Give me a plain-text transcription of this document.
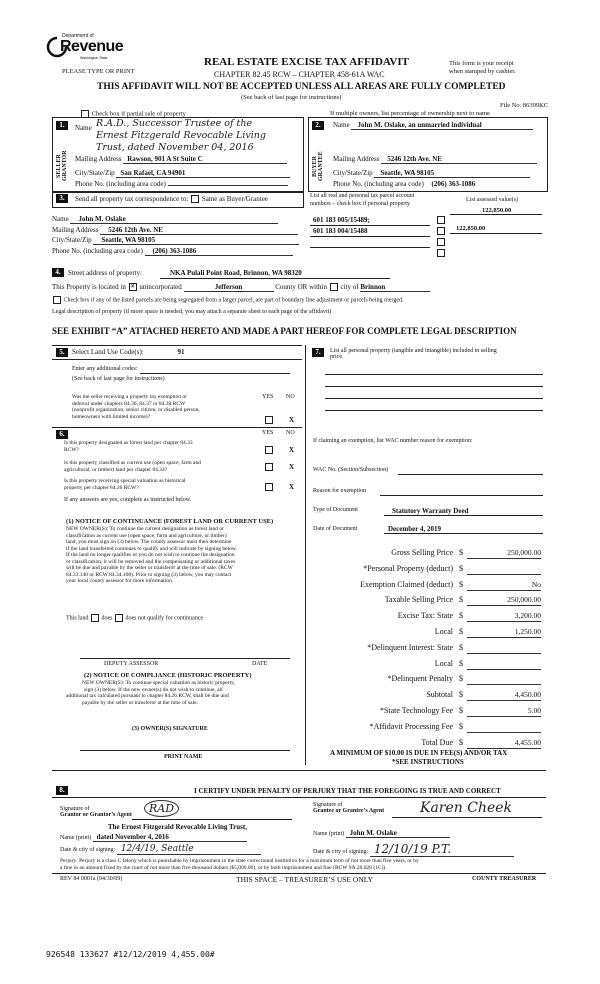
Department of
Revenue
Washington State
PLEASE TYPE OR PRINT
REAL ESTATE EXCISE TAX AFFIDAVIT
CHAPTER 82.45 RCW – CHAPTER 458-61A WAC
This form is your receipt
when stamped by cashier.
THIS AFFIDAVIT WILL NOT BE ACCEPTED UNLESS ALL AREAS ARE FULLY COMPLETED
(See back of last page for instructions)
File No. 86399KC
Check box if partial sale of property
1.
SELLER GRANTOR
Name R.A.D., Successor Trustee of the
Ernest Fitzgerald Revocable Living
Trust, dated November 04, 2016
Mailing Address Rawson, 901 A St Suite C
City/State/Zip San Rafael, CA 94901
Phone No. (including area code)
If multiple owners, list percentage of ownership next to name
2.
BUYER GRANTEE
Name John M. Oslake, an unmarried individual
Mailing Address 5246 12th Ave. NE
City/State/Zip Seattle, WA 98105
Phone No. (including area code) (206) 363-1086
3.	Send all property tax correspondence to: Same as Buyer/Grantee	List all real and personal tax parcel account
numbers – check box if personal property
List assessed value(s)
Name John M. Oslake
Mailing Address 5246 12th Ave. NE
City/State/Zip Seattle, WA 98105
Phone No. (including area code) (206) 363-1086
601 183 005/15489;
601 183 004/15488
122,850.00
122,850.00
4.	Street address of property:	NKA Pulali Point Road, Brinnon, WA 98320
This Property is located in ✕ unincorporated	Jefferson	County OR within city of Brinnon
Check box if any of the listed parcels are being segregated from a larger parcel, are part of boundary line adjustment or parcels being merged.
Legal description of property (if more space is needed, you may attach a separate sheet to each page of the affidavit)
SEE EXHIBIT “A” ATTACHED HERETO AND MADE A PART HEREOF FOR COMPLETE LEGAL DESCRIPTION
5.	Select Land Use Code(s):	91
Enter any additional codes:
(See back of last page for instructions)
YES NO
Was the seller receiving a property tax exemption or
deferral under chapters 84.36, 84.37 or 84.38 RCW
(nonprofit organization, senior citizen, or disabled person,
homeowners with limited income)?	X
6.	YES NO
Is this property designated as forest land per chapter 84.33
RCW?	X
Is this property classified as current use (open space, farm and
agricultural, or timber) land per chapter 84.34?	X
Is this property receiving special valuation as historical
property per chapter 84.26 RCW?	X
If any answers are yes, complete as instructed below.
(1) NOTICE OF CONTINUANCE (FOREST LAND OR CURRENT USE)
NEW OWNER(S): To continue the current designation as forest land or
classification as current use (open space, farm and agriculture, or timber)
land, you must sign on (3) below. The county assessor must then determine
if the land transferred continues to qualify and will indicate by signing below.
If the land no longer qualifies or you do not wish to continue the designation
or classification, it will be removed and the compensating or additional taxes
will be due and payable by the seller or transferor at the time of sale. (RCW
84.33.140 or RCW 84.34.108). Prior to signing (3) below, you may contact
your local county assessor for more information.
This land does does not qualify for continuance
DEPUTY ASSESSOR	DATE
(2) NOTICE OF COMPLIANCE (HISTORIC PROPERTY)
NEW OWNER(S): To continue special valuation as historic property,
sign (3) below. If the new owner(s) do not wish to continue, all
additional tax calculated pursuant to chapter 84.26 RCW, shall be due and
payable by the seller or transferor at the time of sale.
(3) OWNER(S) SIGNATURE
PRINT NAME
7.	List all personal property (tangible and intangible) included in selling
price.
If claiming an exemption, list WAC number reason for exemption:
WAC No. (Section/Subsection)
Reason for exemption
Type of Document	Statutory Warranty Deed
Date of Document	December 4, 2019
A MINIMUM OF $10.00 IS DUE IN FEE(S) AND/OR TAX
*SEE INSTRUCTIONS
8.	I CERTIFY UNDER PENALTY OF PERJURY THAT THE FOREGOING IS TRUE AND CORRECT
Signature of
Grantor or Grantor’s Agent	RAD
The Ernest Fitzgerald Revocable Living Trust,
Name (print) dated November 4, 2016
Date & city of signing: 12/4/19, Seattle
Signature of
Grantee or Grantee’s Agent	Karen Cheek
Name (print) John M. Oslake
Date & city of signing: 12/10/19 P.T.
Perjury: Perjury is a class C felony which is punishable by imprisonment in the state correctional institution for a maximum term of not more than five years, or by
a fine in an amount fixed by the court of not more than five thousand dollars ($5,000.00), or by both imprisonment and fine (RCW 9A.20.020 (1C)).
REV 84 0001a (04/30/09)	THIS SPACE – TREASURER’S USE ONLY	COUNTY TREASURER
926548 133627 #12/12/2019 4,455.00#
Gross Selling Price $	250,000.00
*Personal Property (deduct) $
Exemption Claimed (deduct) $	No
Taxable Selling Price $	250,000.00
Excise Tax: State $	3,200.00
Local $	1,250.00
*Delinquent Interest: State $
Local $
*Delinquent Penalty $
Subtotal $	4,450.00
*State Technology Fee $	5.00
*Affidavit Processing Fee $
Total Due $	4,455.00
